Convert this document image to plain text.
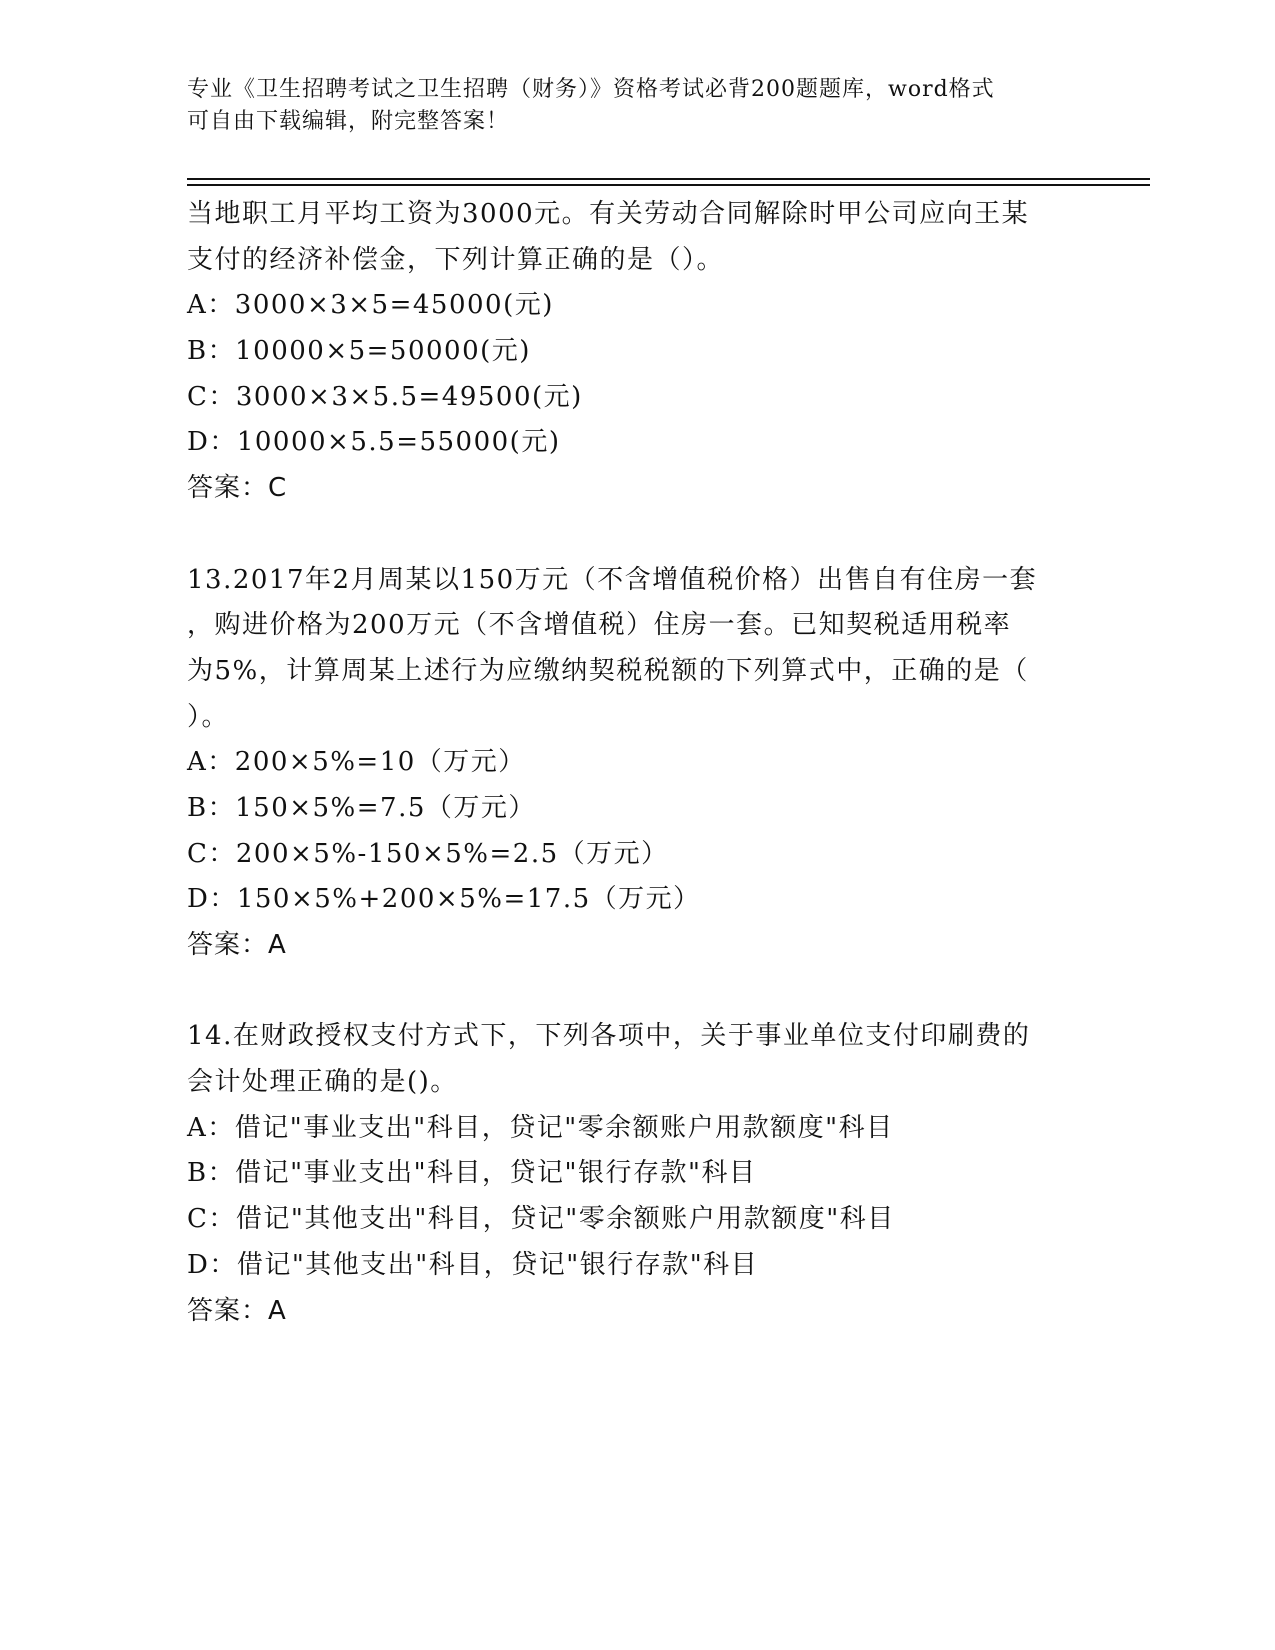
专业《卫生招聘考试之卫生招聘（财务）》资格考试必背200题题库，word格式
可自由下载编辑，附完整答案！
当地职工月平均工资为3000元。有关劳动合同解除时甲公司应向王某
支付的经济补偿金，下列计算正确的是（）。
A：3000×3×5=45000(元)
B：10000×5=50000(元)
C：3000×3×5.5=49500(元)
D：10000×5.5=55000(元)
答案：C
13.2017年2月周某以150万元（不含增值税价格）出售自有住房一套
，购进价格为200万元（不含增值税）住房一套。已知契税适用税率
为5%，计算周某上述行为应缴纳契税税额的下列算式中，正确的是（
）。
A：200×5%=10（万元）
B：150×5%=7.5（万元）
C：200×5%-150×5%=2.5（万元）
D：150×5%+200×5%=17.5（万元）
答案：A
14.在财政授权支付方式下，下列各项中，关于事业单位支付印刷费的
会计处理正确的是()。
A：借记"事业支出"科目，贷记"零余额账户用款额度"科目
B：借记"事业支出"科目，贷记"银行存款"科目
C：借记"其他支出"科目，贷记"零余额账户用款额度"科目
D：借记"其他支出"科目，贷记"银行存款"科目
答案：A
